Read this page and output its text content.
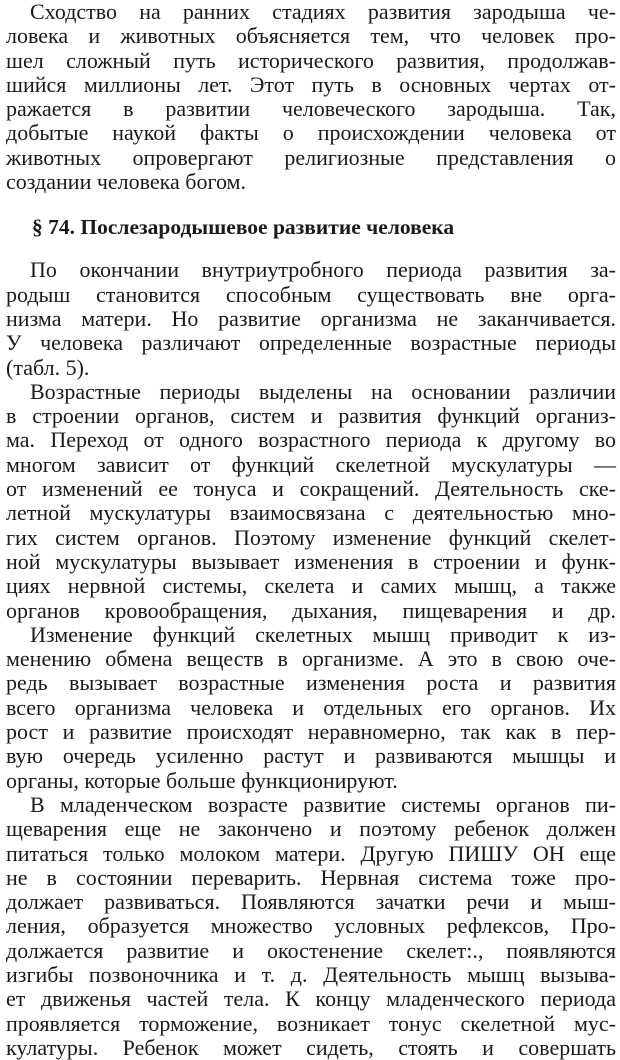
Сходство на ранних стадиях развития зародыша че-
ловека и животных объясняется тем, что человек про-
шел сложный путь исторического развития, продолжав-
шийся миллионы лет. Этот путь в основных чертах от-
ражается в развитии человеческого зародыша. Так,
добытые наукой факты о происхождении человека от
животных опровергают религиозные представления о
создании человека богом.
§ 74. Послезародышевое развитие человека
По окончании внутриутробного периода развития за-
родыш становится способным существовать вне орга-
низма матери. Но развитие организма не заканчивается.
У человека различают определенные возрастные периоды
(табл. 5).
Возрастные периоды выделены на основании различии
в строении органов, систем и развития функций организ-
ма. Переход от одного возрастного периода к другому во
многом зависит от функций скелетной мускулатуры —
от изменений ее тонуса и сокращений. Деятельность ске-
летной мускулатуры взаимосвязана с деятельностью мно-
гих систем органов. Поэтому изменение функций скелет-
ной мускулатуры вызывает изменения в строении и функ-
циях нервной системы, скелета и самих мышц, а также
органов кровообращения, дыхания, пищеварения и др.
Изменение функций скелетных мышц приводит к из-
менению обмена веществ в организме. А это в свою оче-
редь вызывает возрастные изменения роста и развития
всего организма человека и отдельных его органов. Их
рост и развитие происходят неравномерно, так как в пер-
вую очередь усиленно растут и развиваются мышцы и
органы, которые больше функционируют.
В младенческом возрасте развитие системы органов пи-
щеварения еще не закончено и поэтому ребенок должен
питаться только молоком матери. Другую ПИШУ ОН еще
не в состоянии переварить. Нервная система тоже про-
должает развиваться. Появляются зачатки речи и мыш-
ления, образуется множество условных рефлексов, Про-
должается развитие и окостенение скелет:., появляются
изгибы позвоночника и т. д. Деятельность мышц вызыва-
ет движенья частей тела. К концу младенческого периода
проявляется торможение, возникает тонус скелетной мус-
кулатуры. Ребенок может сидеть, стоять и совершать
